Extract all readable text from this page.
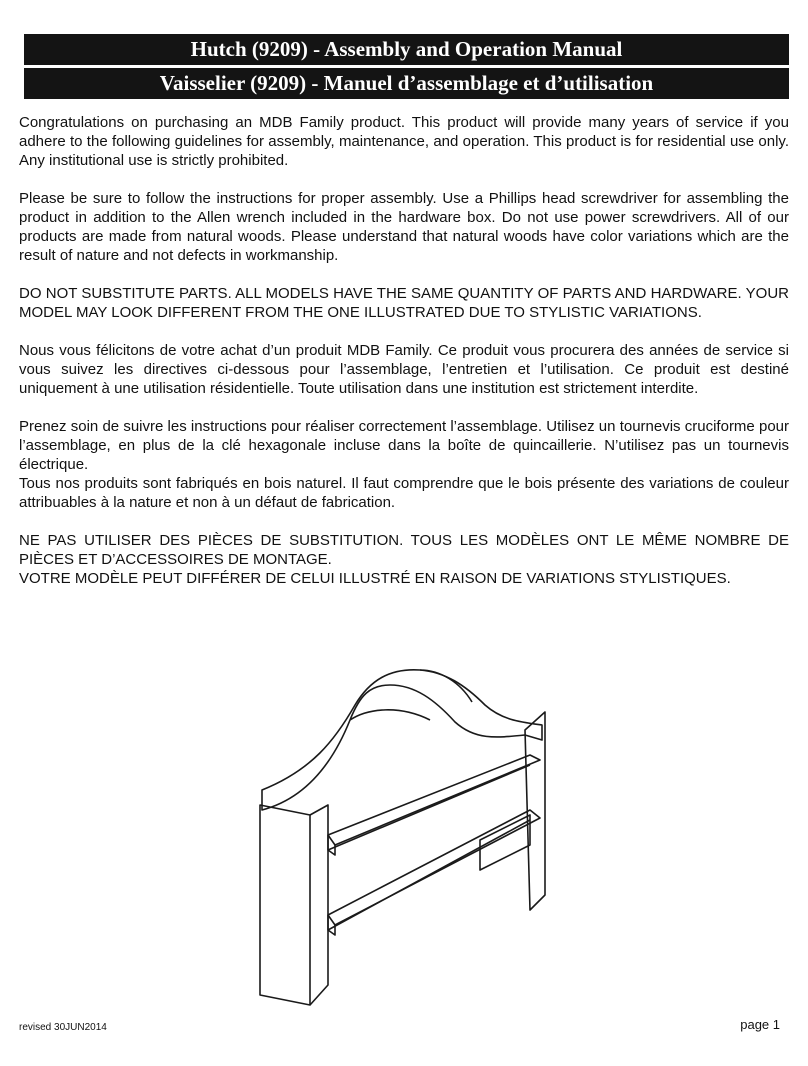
Hutch (9209) - Assembly and Operation Manual
Vaisselier (9209) - Manuel d’assemblage et d’utilisation

Congratulations on purchasing an MDB Family product. This product will provide many years of service if you adhere to the following guidelines for assembly, maintenance, and operation. This product is for residential use only. Any institutional use is strictly prohibited.

Please be sure to follow the instructions for proper assembly. Use a Phillips head screwdriver for assembling the product in addition to the Allen wrench included in the hardware box. Do not use power screwdrivers. All of our products are made from natural woods. Please understand that natural woods have color variations which are the result of nature and not defects in workmanship.

DO NOT SUBSTITUTE PARTS. ALL MODELS HAVE THE SAME QUANTITY OF PARTS AND HARDWARE. YOUR MODEL MAY LOOK DIFFERENT FROM THE ONE ILLUSTRATED DUE TO STYLISTIC VARIATIONS.

Nous vous félicitons de votre achat d’un produit MDB Family. Ce produit vous procurera des années de service si vous suivez les directives ci-dessous pour l’assemblage, l’entretien et l’utilisation. Ce produit est destiné uniquement à une utilisation résidentielle. Toute utilisation dans une institution est strictement interdite.

Prenez soin de suivre les instructions pour réaliser correctement l’assemblage. Utilisez un tournevis cruciforme pour l’assemblage, en plus de la clé hexagonale incluse dans la boîte de quincaillerie. N’utilisez pas un tournevis électrique.

Tous nos produits sont fabriqués en bois naturel. Il faut comprendre que le bois présente des variations de couleur attribuables à la nature et non à un défaut de fabrication.

NE PAS UTILISER DES PIÈCES DE SUBSTITUTION. TOUS LES MODÈLES ONT LE MÊME NOMBRE DE PIÈCES ET D’ACCESSOIRES DE MONTAGE.

VOTRE MODÈLE PEUT DIFFÉRER DE CELUI ILLUSTRÉ EN RAISON DE VARIATIONS STYLISTIQUES.

revised 30JUN2014	page 1
